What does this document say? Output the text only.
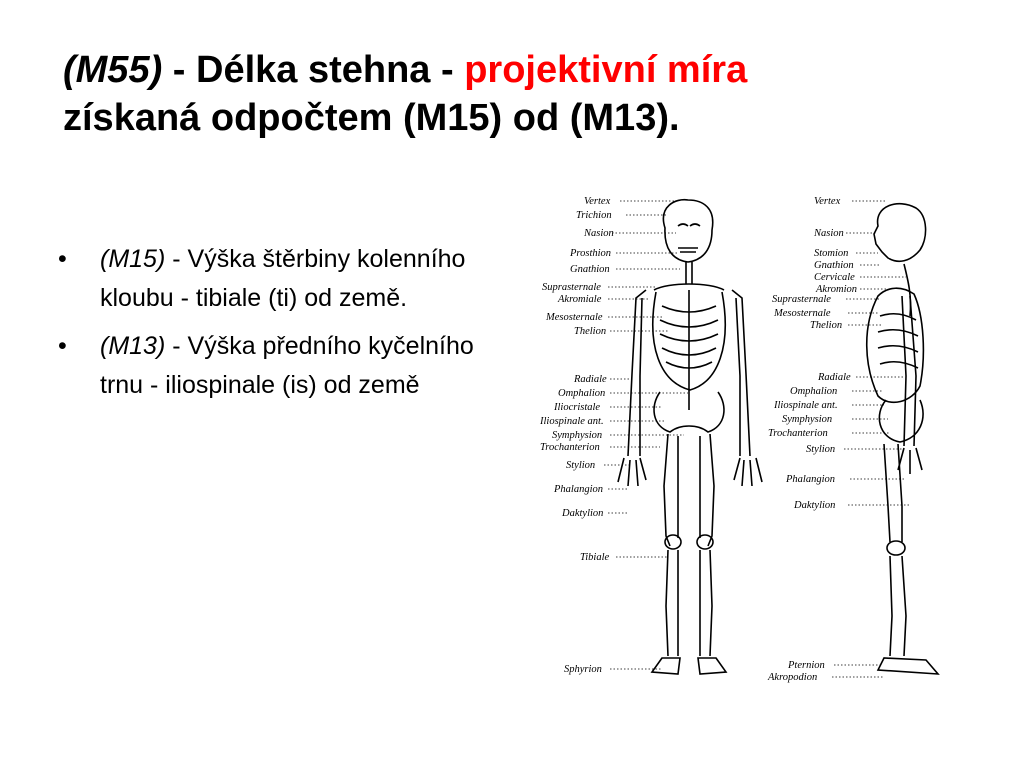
(M55) - Délka stehna - projektivní míra
získaná odpočtem (M15) od (M13).
• (M15) - Výška štěrbiny kolenního kloubu - tibiale (ti) od země.
• (M13) - Výška předního kyčelního trnu - iliospinale (is) od země
Vertex
Trichion
Nasion
Prosthion
Gnathion
Suprasternale
Akromiale
Mesosternale
Thelion
Radiale
Omphalion
Iliocristale
Iliospinale ant.
Symphysion
Trochanterion
Stylion
Phalangion
Daktylion
Tibiale
Sphyrion
Vertex
Nasion
Stomion
Gnathion
Cervicale
Akromion
Suprasternale
Mesosternale
Thelion
Radiale
Omphalion
Iliospinale ant.
Symphysion
Trochanterion
Stylion
Phalangion
Daktylion
Pternion
Akropodion
